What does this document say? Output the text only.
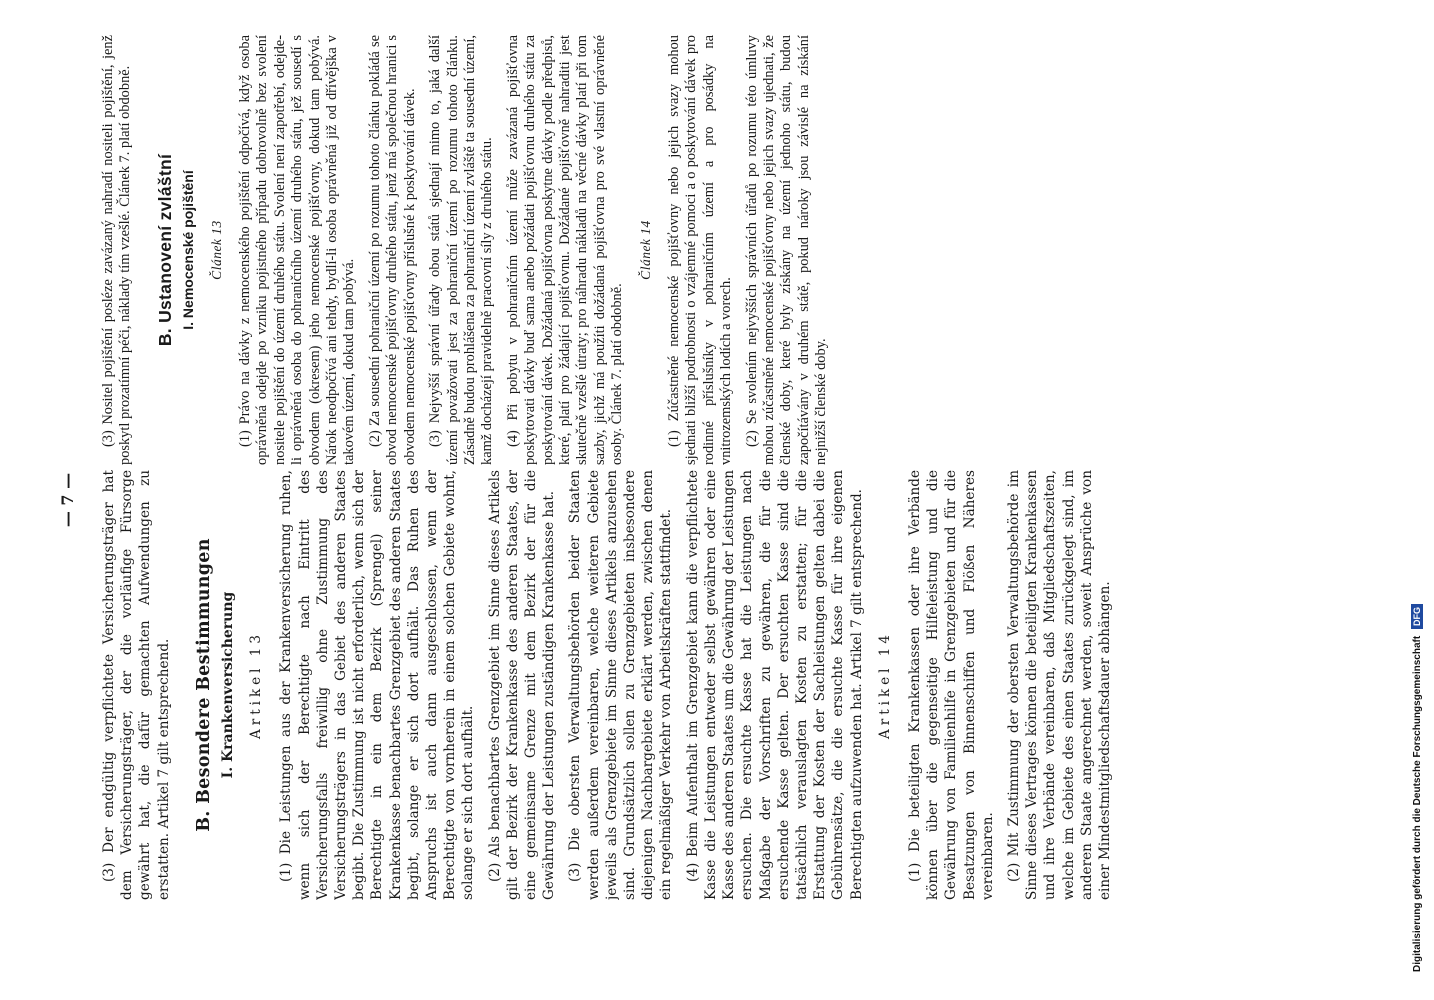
— 7 — (3) Der endgültig verpflichtete Versicherungsträger hat dem Versicherungsträger, der die vorläufige Fürsorge gewährt hat, die dafür gemachten Aufwendungen zu erstatten. Artikel 7 gilt entsprechend. B. Besondere Bestimmungen I. Krankenversicherung Artikel 13 (1) Die Leistungen aus der Krankenversicherung ruhen, wenn sich der Berechtigte nach Eintritt des Versicherungsfalls freiwillig ohne Zustimmung des Versicherungsträgers in das Gebiet des anderen Staates begibt. Die Zustimmung ist nicht erforderlich, wenn sich der Berechtigte in ein dem Bezirk (Sprengel) seiner Krankenkasse benachbartes Grenzgebiet des anderen Staates begibt, solange er sich dort aufhält. Das Ruhen des Anspruchs ist auch dann ausgeschlossen, wenn der Berechtigte von vornherein in einem solchen Gebiete wohnt, solange er sich dort aufhält. (2) Als benachbartes Grenzgebiet im Sinne dieses Artikels gilt der Bezirk der Krankenkasse des anderen Staates, der eine gemeinsame Grenze mit dem Bezirk der für die Gewährung der Leistungen zuständigen Krankenkasse hat. (3) Die obersten Verwaltungsbehörden beider Staaten werden außerdem vereinbaren, welche weiteren Gebiete jeweils als Grenzgebiete im Sinne dieses Artikels anzusehen sind. Grundsätzlich sollen zu Grenzgebieten insbesondere diejenigen Nachbargebiete erklärt werden, zwischen denen ein regelmäßiger Verkehr von Arbeitskräften stattfindet. (4) Beim Aufenthalt im Grenzgebiet kann die verpflichtete Kasse die Leistungen entweder selbst gewähren oder eine Kasse des anderen Staates um die Gewährung der Leistungen ersuchen. Die ersuchte Kasse hat die Leistungen nach Maßgabe der Vorschriften zu gewähren, die für die ersuchende Kasse gelten. Der ersuchten Kasse sind die tatsächlich verauslagten Kosten zu erstatten; für die Erstattung der Kosten der Sachleistungen gelten dabei die Gebührensätze, die die ersuchte Kasse für ihre eigenen Berechtigten aufzuwenden hat. Artikel 7 gilt entsprechend. Artikel 14 (1) Die beteiligten Krankenkassen oder ihre Verbände können über die gegenseitige Hilfeleistung und die Gewährung von Familienhilfe in Grenzgebieten und für die Besatzungen von Binnenschiffen und Flößen Näheres vereinbaren. (2) Mit Zustimmung der obersten Verwaltungsbehörde im Sinne dieses Vertrages können die beteiligten Krankenkassen und ihre Verbände vereinbaren, daß Mitgliedschaftszeiten, welche im Gebiete des einen Staates zurückgelegt sind, im anderen Staate angerechnet werden, soweit Ansprüche von einer Mindestmitgliedschaftsdauer abhängen.

(3) Nositel pojištění posléze zavázaný nahradí nositeli pojištění, jenž poskytl prozatímní péči, náklady tím vzešlé. Článek 7. platí obdobně. B. Ustanovení zvláštní I. Nemocenské pojištění Článek 13 (1) Právo na dávky z nemocenského pojištění odpočívá, když osoba oprávněná odejde po vzniku pojistného případu dobrovolně bez svolení nositele pojištění do území druhého státu. Svolení není zapotřebí, odejde-li oprávněná osoba do pohraničního území druhého státu, jež sousedí s obvodem (okresem) jeho nemocenské pojišťovny, dokud tam pobývá. Nárok neodpočívá ani tehdy, bydlí-li osoba oprávněná již od dřívějška v takovém území, dokud tam pobývá. (2) Za sousední pohraniční území po rozumu tohoto článku pokládá se obvod nemocenské pojišťovny druhého státu, jenž má společnou hranici s obvodem nemocenské pojišťovny příslušné k poskytování dávek. (3) Nejvyšší správní úřady obou států sjednají mimo to, jaká další území považovati jest za pohraniční území po rozumu tohoto článku. Zásadně budou prohlášena za pohraniční území zvláště ta sousední území, kamž docházejí pravidelně pracovní síly z druhého státu. (4) Při pobytu v pohraničním území může zavázaná pojišťovna poskytovati dávky buď sama anebo požádati pojišťovnu druhého státu za poskytování dávek. Dožádaná pojišťovna poskytne dávky podle předpisů, které, platí pro žádající pojišťovnu. Dožádané pojišťovně nahraditi jest skutečně vzešlé útraty; pro náhradu nákladů na věcné dávky platí při tom sazby, jichž má použíti dožádaná pojišťovna pro své vlastní oprávněné osoby. Článek 7. platí obdobně.

Článek 14 (1) Zúčastněné nemocenské pojišťovny nebo jejich svazy mohou sjednati bližší podrobnosti o vzájemné pomoci a o poskytování dávek pro rodinné příslušníky v pohraničním území a pro posádky na vnitrozemských lodích a vorech. (2) Se svolením nejvyšších správních úřadů po rozumu této úmluvy mohou zúčastněné nemocenské pojišťovny nebo jejich svazy ujednati, že členské doby, které byly získány na území jednoho státu, budou započítávány v druhém státě, pokud nároky jsou závislé na získání nejnižší členské doby.

Digitalisierung gefördert durch die Deutsche Forschungsgemeinschaft DFG
